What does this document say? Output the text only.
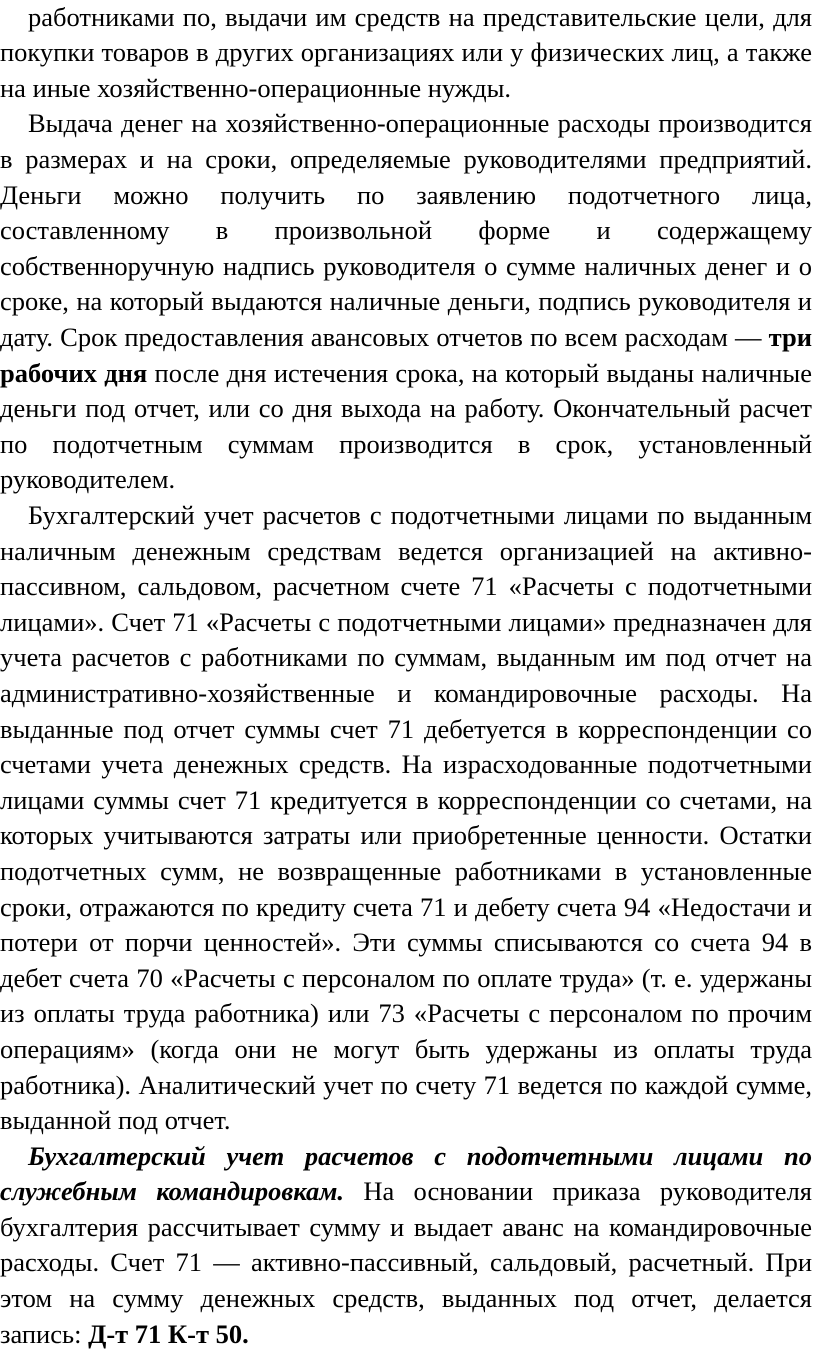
работниками по, выдачи им средств на представительские цели, для покупки товаров в других организациях или у физических лиц, а также на иные хозяйственно-операционные нужды.

Выдача денег на хозяйственно-операционные расходы производится в размерах и на сроки, определяемые руководителями предприятий. Деньги можно получить по заявлению подотчетного лица, составленному в произвольной форме и содержащему собственноручную надпись руководителя о сумме наличных денег и о сроке, на который выдаются наличные деньги, подпись руководителя и дату. Срок предоставления авансовых отчетов по всем расходам — три рабочих дня после дня истечения срока, на который выданы наличные деньги под отчет, или со дня выхода на работу. Окончательный расчет по подотчетным суммам производится в срок, установленный руководителем.

Бухгалтерский учет расчетов с подотчетными лицами по выданным наличным денежным средствам ведется организацией на активно-пассивном, сальдовом, расчетном счете 71 «Расчеты с подотчетными лицами». Счет 71 «Расчеты с подотчетными лицами» предназначен для учета расчетов с работниками по суммам, выданным им под отчет на административно-хозяйственные и командировочные расходы. На выданные под отчет суммы счет 71 дебетуется в корреспонденции со счетами учета денежных средств. На израсходованные подотчетными лицами суммы счет 71 кредитуется в корреспонденции со счетами, на которых учитываются затраты или приобретенные ценности. Остатки подотчетных сумм, не возвращенные работниками в установленные сроки, отражаются по кредиту счета 71 и дебету счета 94 «Недостачи и потери от порчи ценностей». Эти суммы списываются со счета 94 в дебет счета 70 «Расчеты с персоналом по оплате труда» (т. е. удержаны из оплаты труда работника) или 73 «Расчеты с персоналом по прочим операциям» (когда они не могут быть удержаны из оплаты труда работника). Аналитический учет по счету 71 ведется по каждой сумме, выданной под отчет.

Бухгалтерский учет расчетов с подотчетными лицами по служебным командировкам. На основании приказа руководителя бухгалтерия рассчитывает сумму и выдает аванс на командировочные расходы. Счет 71 — активно-пассивный, сальдовый, расчетный. При этом на сумму денежных средств, выданных под отчет, делается запись: Д-т 71 К-т 50.
